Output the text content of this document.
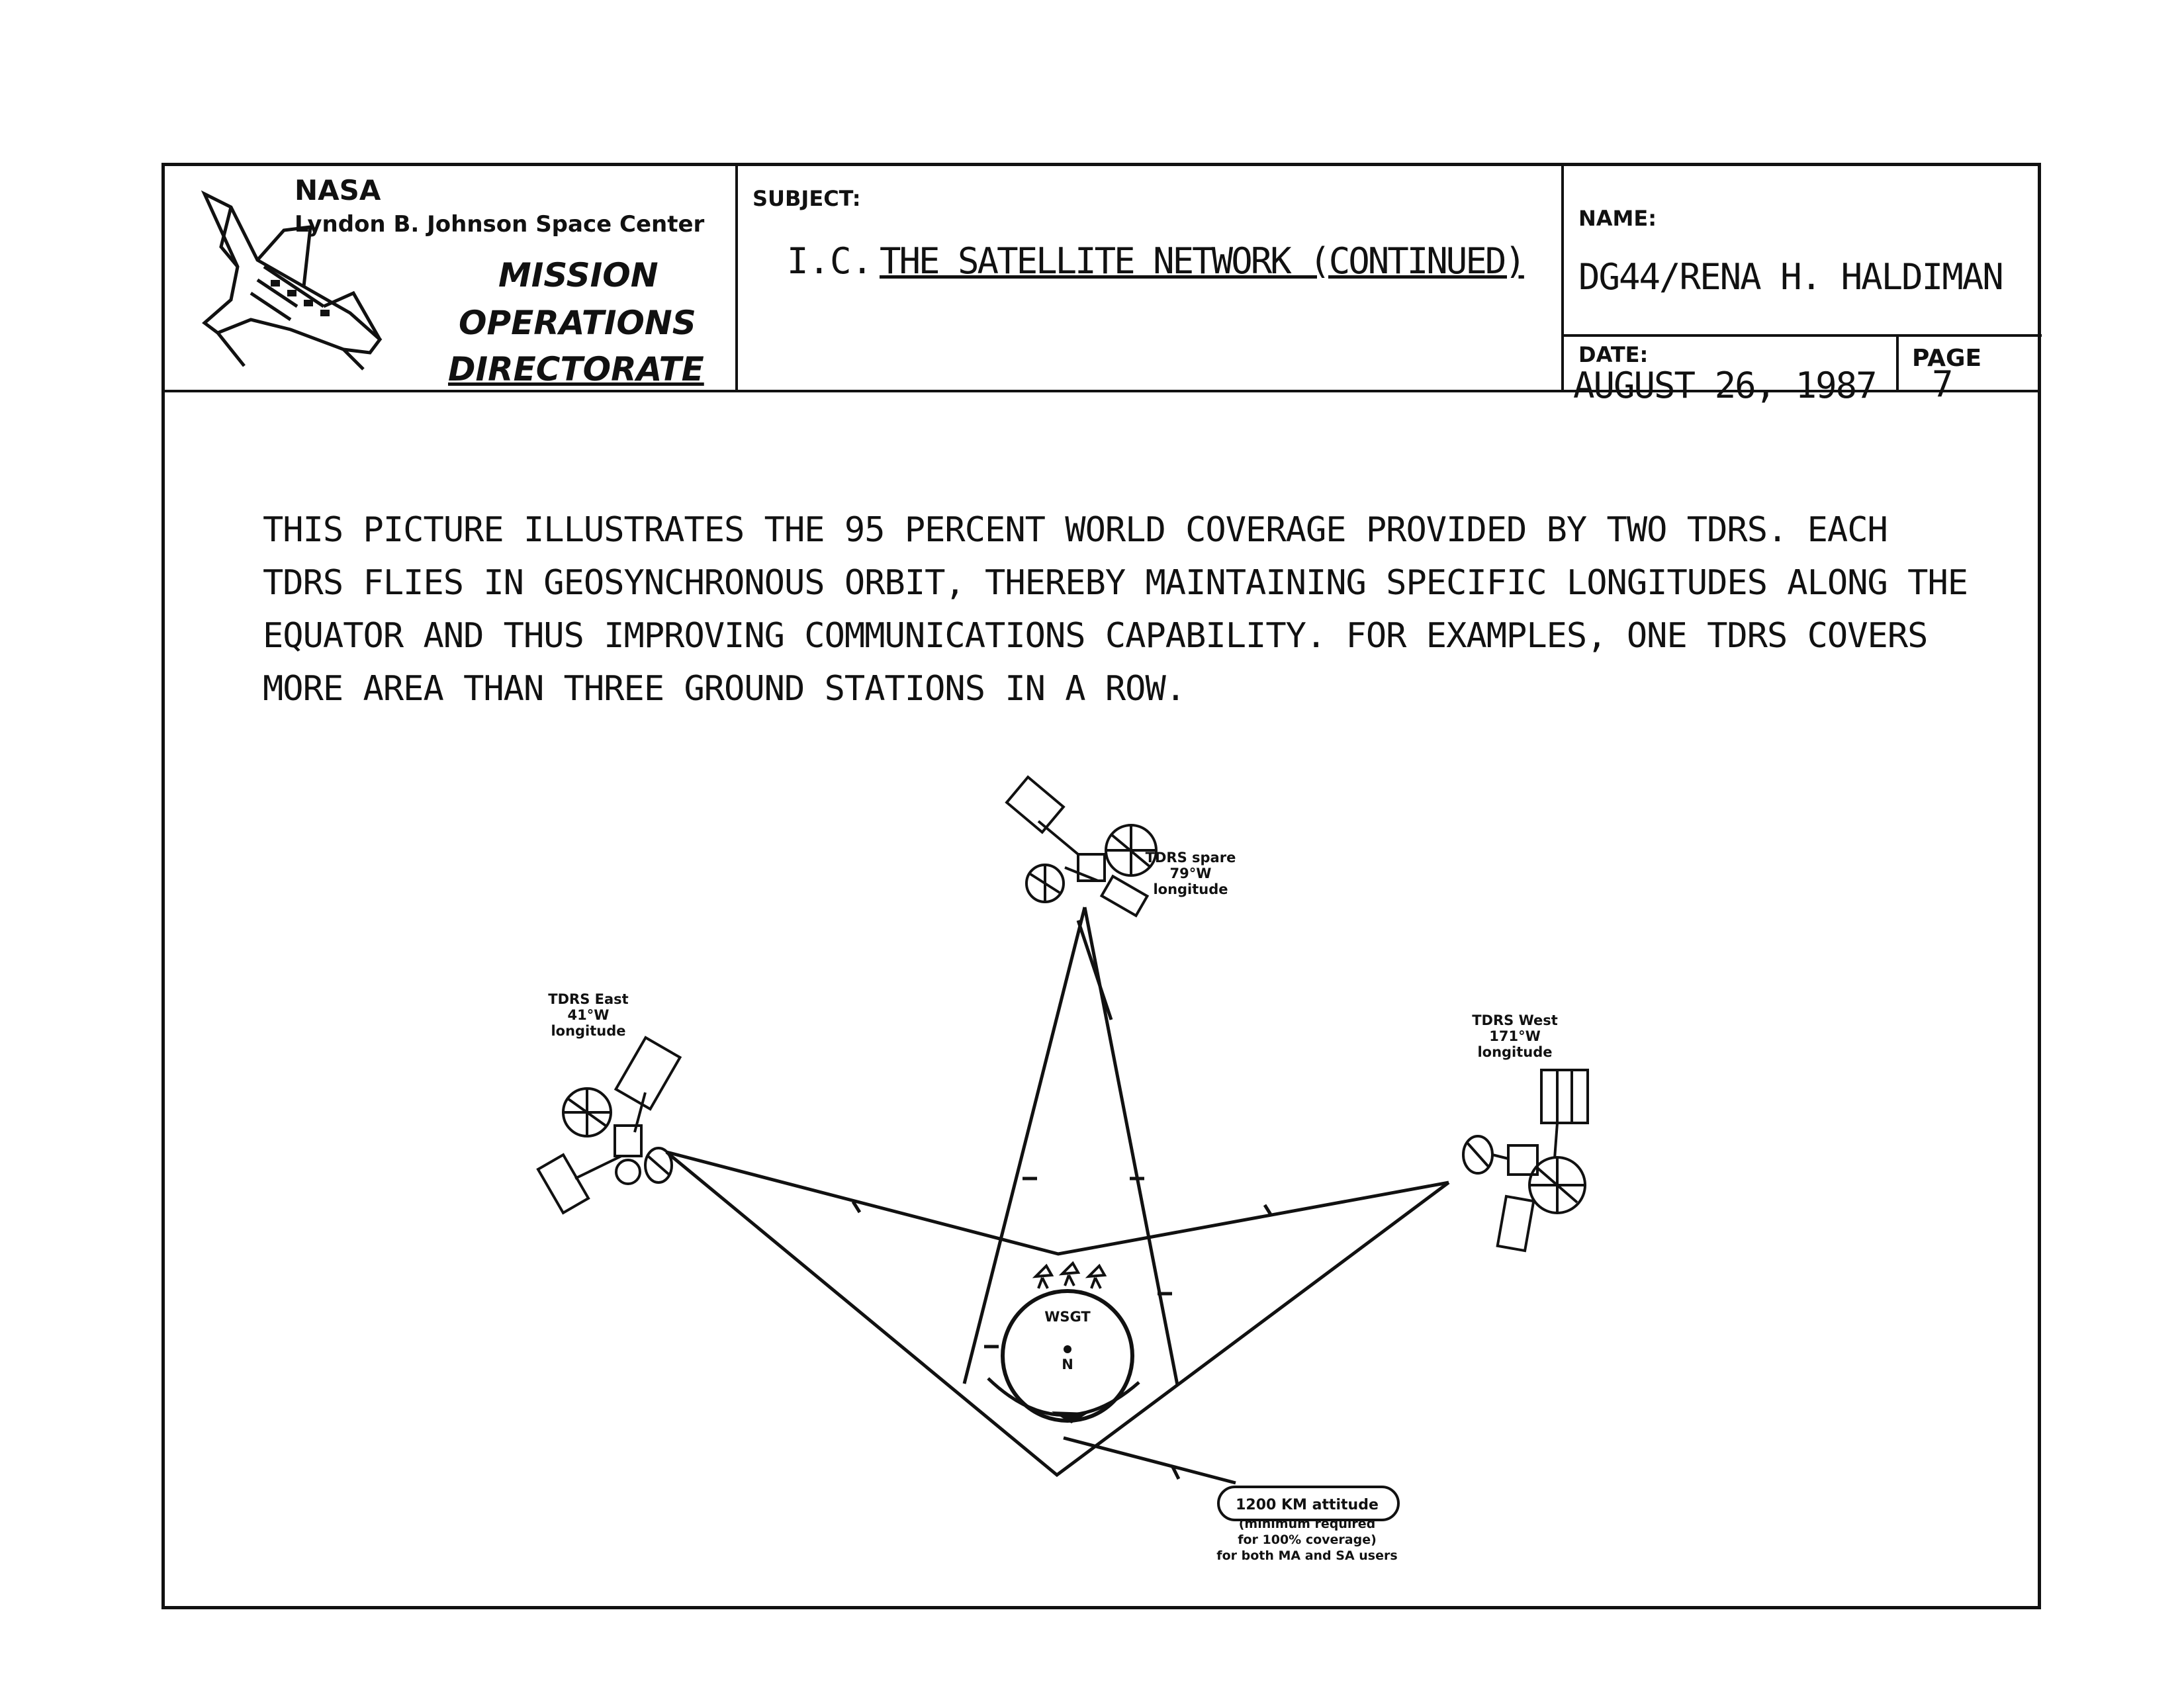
NASA
Lyndon B. Johnson Space Center
MISSION
OPERATIONS
DIRECTORATE
SUBJECT:
I.C. THE SATELLITE NETWORK (CONTINUED)
NAME:
DG44/RENA H. HALDIMAN
DATE:
AUGUST 26, 1987
PAGE
7
THIS PICTURE ILLUSTRATES THE 95 PERCENT WORLD COVERAGE PROVIDED BY TWO TDRS. EACH
TDRS FLIES IN GEOSYNCHRONOUS ORBIT, THEREBY MAINTAINING SPECIFIC LONGITUDES ALONG THE
EQUATOR AND THUS IMPROVING COMMUNICATIONS CAPABILITY. FOR EXAMPLES, ONE TDRS COVERS
MORE AREA THAN THREE GROUND STATIONS IN A ROW.
WSGT
N
TDRS spare
79°W
longitude
TDRS East
41°W
longitude
TDRS West
171°W
longitude
1200 KM attitude
(minimum required
for 100% coverage)
for both MA and SA users
